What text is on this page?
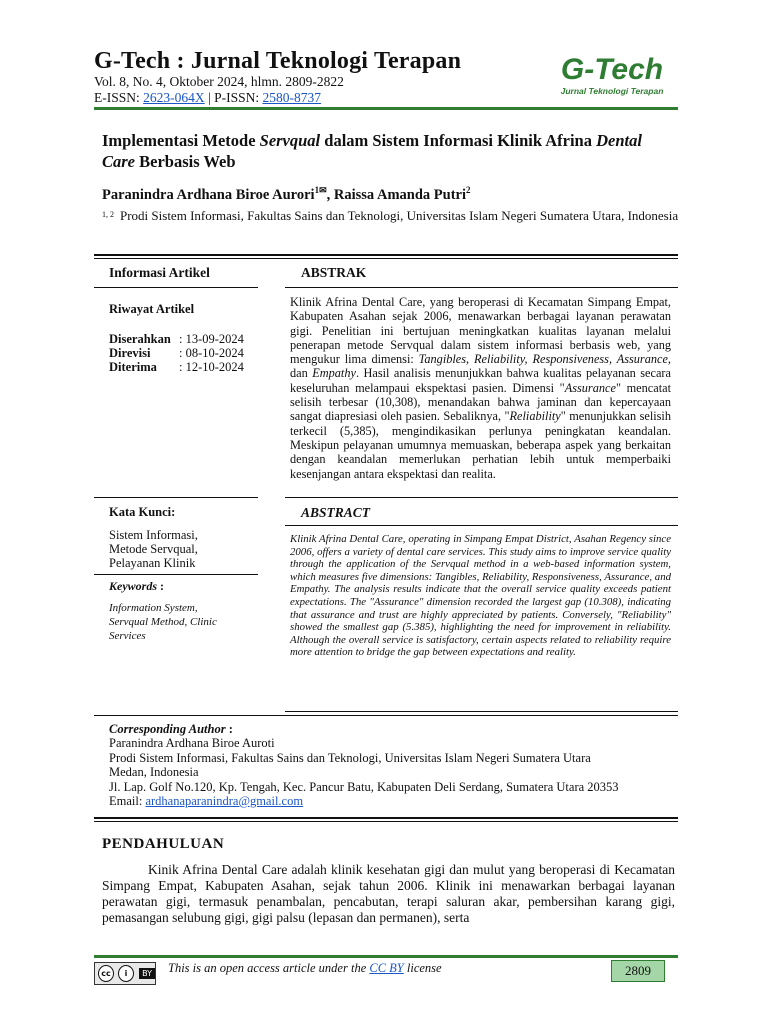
G-Tech : Jurnal Teknologi Terapan
Vol. 8, No. 4, Oktober 2024, hlmn. 2809-2822
E-ISSN: 2623-064X | P-ISSN: 2580-8737
G-Tech
Jurnal Teknologi Terapan
Implementasi Metode Servqual dalam Sistem Informasi Klinik Afrina Dental Care Berbasis Web
Paranindra Ardhana Biroe Aurori$^{1✉}$, Raissa Amanda Putri$^2$
1, 2 Prodi Sistem Informasi, Fakultas Sains dan Teknologi, Universitas Islam Negeri Sumatera Utara, Indonesia
Informasi Artikel
Riwayat Artikel
Diserahkan : 13-09-2024
Direvisi : 08-10-2024
Diterima : 12-10-2024
Kata Kunci:
Sistem Informasi,
Metode Servqual,
Pelayanan Klinik
Keywords :
Information System,
Servqual Method, Clinic
Services
ABSTRAK
Klinik Afrina Dental Care, yang beroperasi di Kecamatan Simpang Empat, Kabupaten Asahan sejak 2006, menawarkan berbagai layanan perawatan gigi. Penelitian ini bertujuan meningkatkan kualitas layanan melalui penerapan metode Servqual dalam sistem informasi berbasis web, yang mengukur lima dimensi: Tangibles, Reliability, Responsiveness, Assurance, dan Empathy. Hasil analisis menunjukkan bahwa kualitas pelayanan secara keseluruhan melampaui ekspektasi pasien. Dimensi "Assurance" mencatat selisih terbesar (10,308), menandakan bahwa jaminan dan kepercayaan sangat diapresiasi oleh pasien. Sebaliknya, "Reliability" menunjukkan selisih terkecil (5,385), mengindikasikan perlunya peningkatan keandalan. Meskipun pelayanan umumnya memuaskan, beberapa aspek yang berkaitan dengan keandalan memerlukan perhatian lebih untuk memperbaiki kesenjangan antara ekspektasi dan realita.
ABSTRACT
Klinik Afrina Dental Care, operating in Simpang Empat District, Asahan Regency since 2006, offers a variety of dental care services. This study aims to improve service quality through the application of the Servqual method in a web-based information system, which measures five dimensions: Tangibles, Reliability, Responsiveness, Assurance, and Empathy. The analysis results indicate that the overall service quality exceeds patient expectations. The "Assurance" dimension recorded the largest gap (10.308), indicating that assurance and trust are highly appreciated by patients. Conversely, "Reliability" showed the smallest gap (5.385), highlighting the need for improvement in reliability. Although the overall service is satisfactory, certain aspects related to reliability require more attention to bridge the gap between expectations and reality.
Corresponding Author :
Paranindra Ardhana Biroe Auroti
Prodi Sistem Informasi, Fakultas Sains dan Teknologi, Universitas Islam Negeri Sumatera Utara
Medan, Indonesia
Jl. Lap. Golf No.120, Kp. Tengah, Kec. Pancur Batu, Kabupaten Deli Serdang, Sumatera Utara 20353
Email: ardhanaparanindra@gmail.com
PENDAHULUAN
Kinik Afrina Dental Care adalah klinik kesehatan gigi dan mulut yang beroperasi di Kecamatan Simpang Empat, Kabupaten Asahan, sejak tahun 2006. Klinik ini menawarkan berbagai layanan perawatan gigi, termasuk penambalan, pencabutan, terapi saluran akar, pembersihan karang gigi, pemasangan selubung gigi, gigi palsu (lepasan dan permanen), serta
cc	i	BY This is an open access article under the CC BY license	2809
